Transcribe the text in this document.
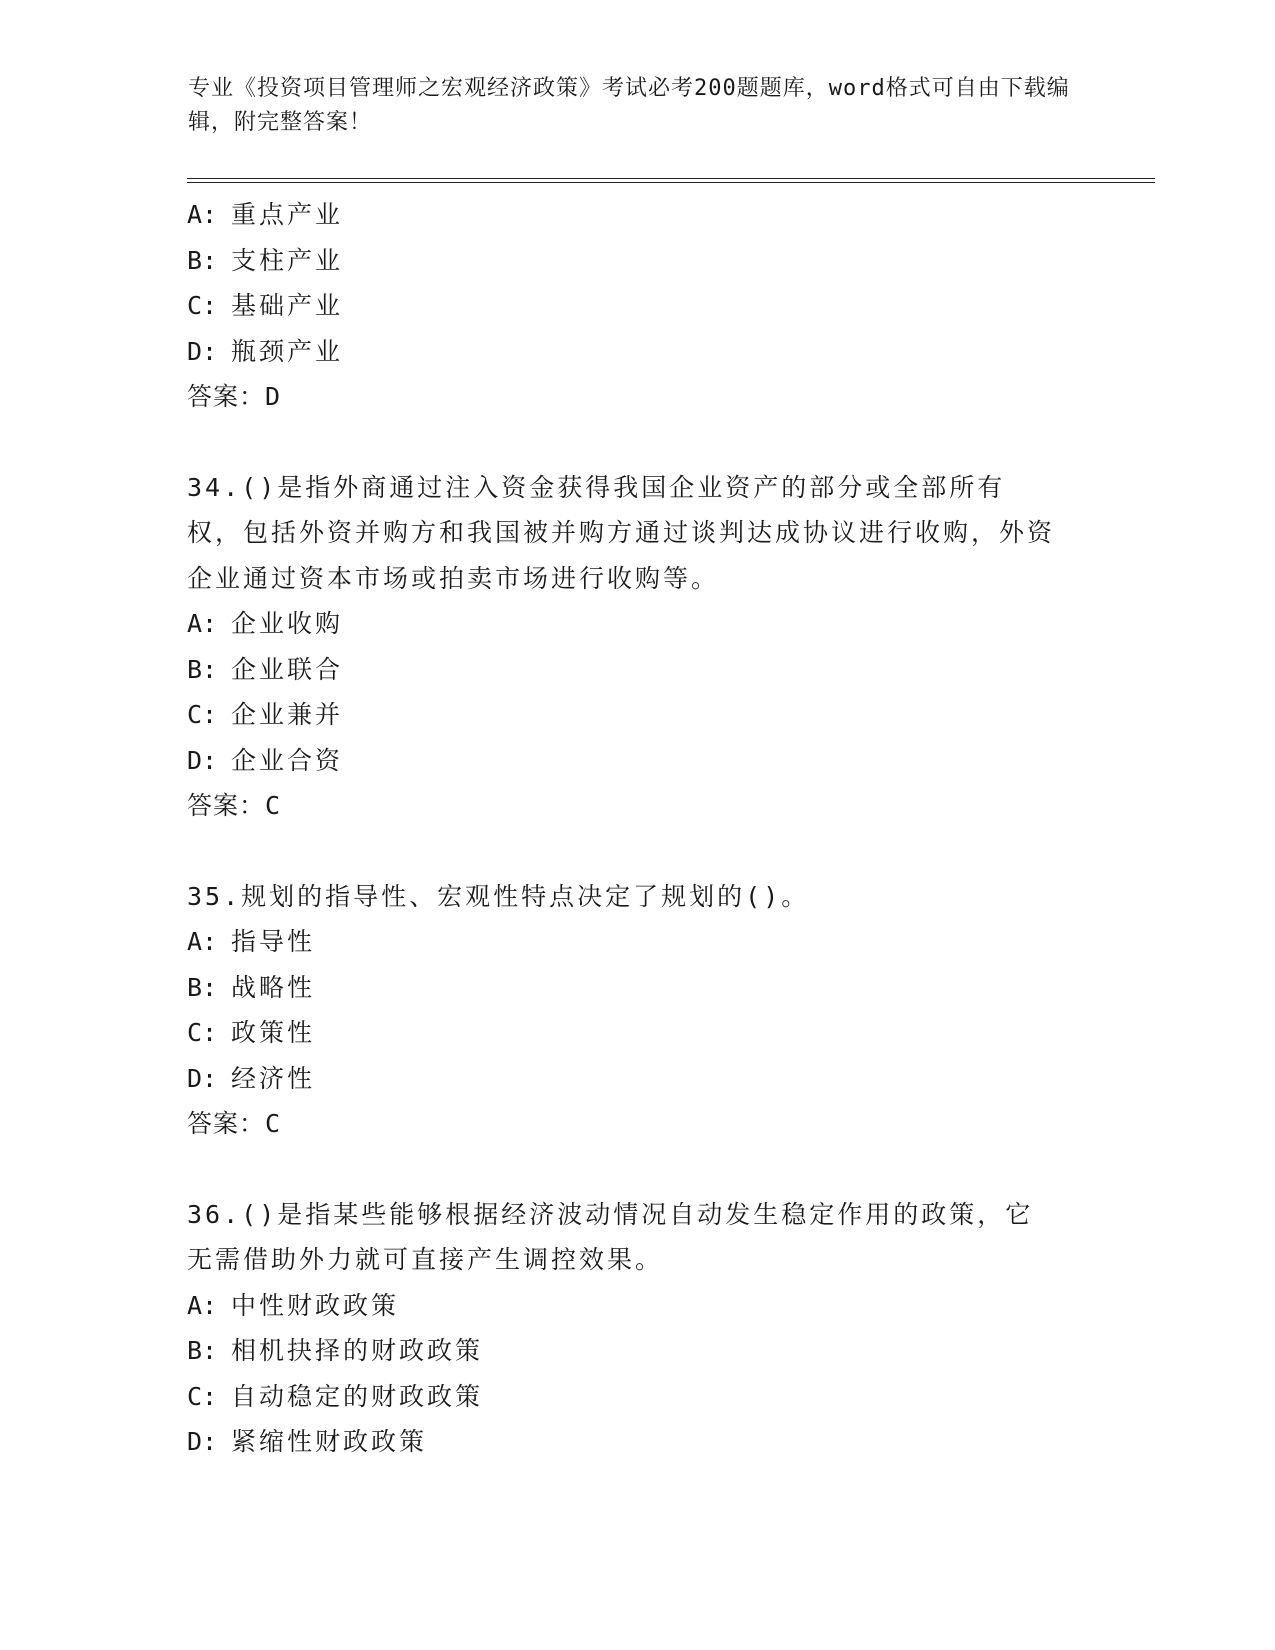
专业《投资项目管理师之宏观经济政策》考试必考200题题库，word格式可自由下载编辑，附完整答案！
A: 重点产业
B: 支柱产业
C: 基础产业
D: 瓶颈产业
答案：D
34.()是指外商通过注入资金获得我国企业资产的部分或全部所有权，包括外资并购方和我国被并购方通过谈判达成协议进行收购，外资企业通过资本市场或拍卖市场进行收购等。
A: 企业收购
B: 企业联合
C: 企业兼并
D: 企业合资
答案：C
35.规划的指导性、宏观性特点决定了规划的()。
A: 指导性
B: 战略性
C: 政策性
D: 经济性
答案：C
36.()是指某些能够根据经济波动情况自动发生稳定作用的政策，它无需借助外力就可直接产生调控效果。
A: 中性财政政策
B: 相机抉择的财政政策
C: 自动稳定的财政政策
D: 紧缩性财政政策
